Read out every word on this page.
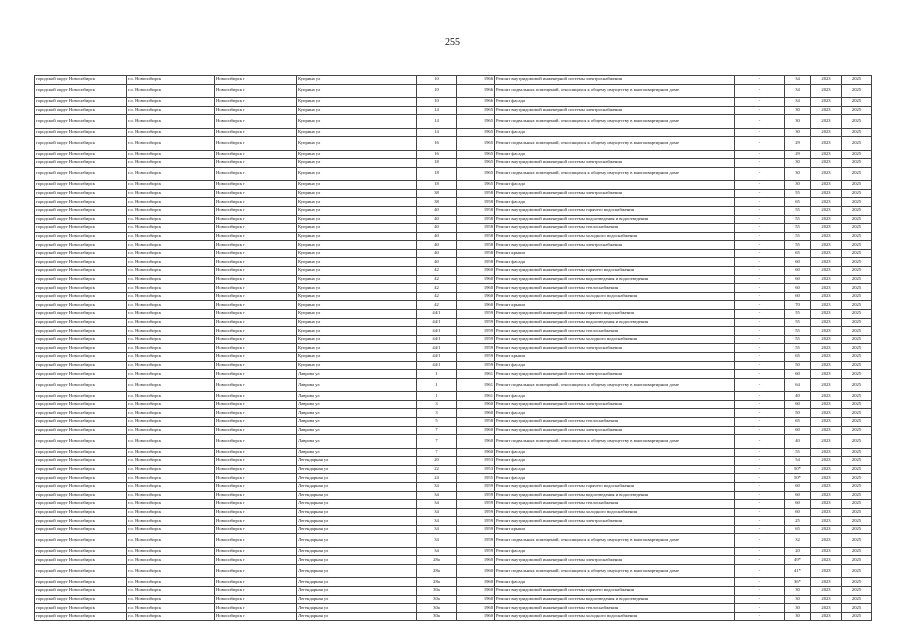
255
городской округ Новосибирск	г.о. Новосибирск	Новосибирск г	Куприна ул	10	1966	Ремонт внутридомовой инженерной системы электроснабжения	-	34	2023	2025
городской округ Новосибирск	г.о. Новосибирск	Новосибирск г	Куприна ул	10	1966	Ремонт подвальных помещений, относящихся к общему имуществу в многоквартирном доме	-	34	2023	2025
городской округ Новосибирск	г.о. Новосибирск	Новосибирск г	Куприна ул	10	1966	Ремонт фасада	-	34	2023	2025
городской округ Новосибирск	г.о. Новосибирск	Новосибирск г	Куприна ул	14	1965	Ремонт внутридомовой инженерной системы электроснабжения	-	30	2023	2025
городской округ Новосибирск	г.о. Новосибирск	Новосибирск г	Куприна ул	14	1965	Ремонт подвальных помещений, относящихся к общему имуществу в многоквартирном доме	-	30	2023	2025
городской округ Новосибирск	г.о. Новосибирск	Новосибирск г	Куприна ул	14	1965	Ремонт фасада	-	30	2023	2025
городской округ Новосибирск	г.о. Новосибирск	Новосибирск г	Куприна ул	16	1965	Ремонт подвальных помещений, относящихся к общему имуществу в многоквартирном доме	-	29	2023	2025
городской округ Новосибирск	г.о. Новосибирск	Новосибирск г	Куприна ул	16	1965	Ремонт фасада	-	29	2023	2025
городской округ Новосибирск	г.о. Новосибирск	Новосибирск г	Куприна ул	18	1965	Ремонт внутридомовой инженерной системы электроснабжения	-	30	2023	2025
городской округ Новосибирск	г.о. Новосибирск	Новосибирск г	Куприна ул	18	1965	Ремонт подвальных помещений, относящихся к общему имуществу в многоквартирном доме	-	30	2023	2025
городской округ Новосибирск	г.о. Новосибирск	Новосибирск г	Куприна ул	18	1965	Ремонт фасада	-	30	2023	2025
городской округ Новосибирск	г.о. Новосибирск	Новосибирск г	Куприна ул	38	1958	Ремонт внутридомовой инженерной системы электроснабжения	-	55	2023	2025
городской округ Новосибирск	г.о. Новосибирск	Новосибирск г	Куприна ул	38	1958	Ремонт фасада	-	65	2023	2025
городской округ Новосибирск	г.о. Новосибирск	Новосибирск г	Куприна ул	40	1958	Ремонт внутридомовой инженерной системы горячего водоснабжения	-	55	2023	2025
городской округ Новосибирск	г.о. Новосибирск	Новосибирск г	Куприна ул	40	1958	Ремонт внутридомовой инженерной системы водоотведения и водоотведения	-	55	2023	2025
городской округ Новосибирск	г.о. Новосибирск	Новосибирск г	Куприна ул	40	1958	Ремонт внутридомовой инженерной системы теплоснабжения	-	55	2023	2025
городской округ Новосибирск	г.о. Новосибирск	Новосибирск г	Куприна ул	40	1958	Ремонт внутридомовой инженерной системы холодного водоснабжения	-	55	2023	2025
городской округ Новосибирск	г.о. Новосибирск	Новосибирск г	Куприна ул	40	1958	Ремонт внутридомовой инженерной системы электроснабжения	-	55	2023	2025
городской округ Новосибирск	г.о. Новосибирск	Новосибирск г	Куприна ул	40	1958	Ремонт крыши	-	65	2023	2025
городской округ Новосибирск	г.о. Новосибирск	Новосибирск г	Куприна ул	40	1958	Ремонт фасада	-	60	2023	2025
городской округ Новосибирск	г.о. Новосибирск	Новосибирск г	Куприна ул	42	1960	Ремонт внутридомовой инженерной системы горячего водоснабжения	-	60	2023	2025
городской округ Новосибирск	г.о. Новосибирск	Новосибирск г	Куприна ул	42	1960	Ремонт внутридомовой инженерной системы водоотведения и водоотведения	-	60	2023	2025
городской округ Новосибирск	г.о. Новосибирск	Новосибирск г	Куприна ул	42	1960	Ремонт внутридомовой инженерной системы теплоснабжения	-	60	2023	2025
городской округ Новосибирск	г.о. Новосибирск	Новосибирск г	Куприна ул	42	1960	Ремонт внутридомовой инженерной системы холодного водоснабжения	-	60	2023	2025
городской округ Новосибирск	г.о. Новосибирск	Новосибирск г	Куприна ул	42	1960	Ремонт крыши	-	70	2023	2025
городской округ Новосибирск	г.о. Новосибирск	Новосибирск г	Куприна ул	44/1	1959	Ремонт внутридомовой инженерной системы горячего водоснабжения	-	55	2023	2025
городской округ Новосибирск	г.о. Новосибирск	Новосибирск г	Куприна ул	44/1	1959	Ремонт внутридомовой инженерной системы водоотведения и водоотведения	-	55	2023	2025
городской округ Новосибирск	г.о. Новосибирск	Новосибирск г	Куприна ул	44/1	1959	Ремонт внутридомовой инженерной системы теплоснабжения	-	55	2023	2025
городской округ Новосибирск	г.о. Новосибирск	Новосибирск г	Куприна ул	44/1	1959	Ремонт внутридомовой инженерной системы холодного водоснабжения	-	55	2023	2025
городской округ Новосибирск	г.о. Новосибирск	Новосибирск г	Куприна ул	44/1	1959	Ремонт внутридомовой инженерной системы электроснабжения	-	55	2023	2025
городской округ Новосибирск	г.о. Новосибирск	Новосибирск г	Куприна ул	44/1	1959	Ремонт крыши	-	65	2023	2025
городской округ Новосибирск	г.о. Новосибирск	Новосибирск г	Куприна ул	44/1	1959	Ремонт фасада	-	50	2023	2025
городской округ Новосибирск	г.о. Новосибирск	Новосибирск г	Лаврова ул	1	1961	Ремонт внутридомовой инженерной системы электроснабжения	-	60	2023	2025
городской округ Новосибирск	г.о. Новосибирск	Новосибирск г	Лаврова ул	1	1961	Ремонт подвальных помещений, относящихся к общему имуществу в многоквартирном доме	-	64	2023	2025
городской округ Новосибирск	г.о. Новосибирск	Новосибирск г	Лаврова ул	1	1961	Ремонт фасада	-	40	2023	2025
городской округ Новосибирск	г.о. Новосибирск	Новосибирск г	Лаврова ул	3	1960	Ремонт внутридомовой инженерной системы электроснабжения	-	60	2023	2025
городской округ Новосибирск	г.о. Новосибирск	Новосибирск г	Лаврова ул	3	1960	Ремонт фасада	-	50	2023	2025
городской округ Новосибирск	г.о. Новосибирск	Новосибирск г	Лаврова ул	5	1958	Ремонт внутридомовой инженерной системы теплоснабжения	-	65	2023	2025
городской округ Новосибирск	г.о. Новосибирск	Новосибирск г	Лаврова ул	7	1960	Ремонт внутридомовой инженерной системы электроснабжения	-	60	2023	2025
городской округ Новосибирск	г.о. Новосибирск	Новосибирск г	Лаврова ул	7	1960	Ремонт подвальных помещений, относящихся к общему имуществу в многоквартирном доме	-	40	2023	2025
городской округ Новосибирск	г.о. Новосибирск	Новосибирск г	Лаврова ул	7	1960	Ремонт фасада	-	55	2023	2025
городской округ Новосибирск	г.о. Новосибирск	Новосибирск г	Легендарная ул	20	1953	Ремонт фасада	-	54	2023	2025
городской округ Новосибирск	г.о. Новосибирск	Новосибирск г	Легендарная ул	22	1953	Ремонт фасада	-	50*	2023	2025
городской округ Новосибирск	г.о. Новосибирск	Новосибирск г	Легендарная ул	24	1955	Ремонт фасада	-	50*	2023	2025
городской округ Новосибирск	г.о. Новосибирск	Новосибирск г	Легендарная ул	34	1959	Ремонт внутридомовой инженерной системы горячего водоснабжения	-	60	2023	2025
городской округ Новосибирск	г.о. Новосибирск	Новосибирск г	Легендарная ул	34	1959	Ремонт внутридомовой инженерной системы водоотведения и водоотведения	-	60	2023	2025
городской округ Новосибирск	г.о. Новосибирск	Новосибирск г	Легендарная ул	34	1959	Ремонт внутридомовой инженерной системы теплоснабжения	-	60	2023	2025
городской округ Новосибирск	г.о. Новосибирск	Новосибирск г	Легендарная ул	34	1959	Ремонт внутридомовой инженерной системы холодного водоснабжения	-	60	2023	2025
городской округ Новосибирск	г.о. Новосибирск	Новосибирск г	Легендарная ул	34	1959	Ремонт внутридомовой инженерной системы электроснабжения	-	25	2023	2025
городской округ Новосибирск	г.о. Новосибирск	Новосибирск г	Легендарная ул	34	1959	Ремонт крыши	-	65	2023	2025
городской округ Новосибирск	г.о. Новосибирск	Новосибирск г	Легендарная ул	34	1959	Ремонт подвальных помещений, относящихся к общему имуществу в многоквартирном доме	-	32	2023	2025
городской округ Новосибирск	г.о. Новосибирск	Новосибирск г	Легендарная ул	34	1959	Ремонт фасада	-	20	2023	2025
городской округ Новосибирск	г.о. Новосибирск	Новосибирск г	Легендарная ул	28а	1960	Ремонт внутридомовой инженерной системы электроснабжения	-	49*	2023	2025
городской округ Новосибирск	г.о. Новосибирск	Новосибирск г	Легендарная ул	28а	1960	Ремонт подвальных помещений, относящихся к общему имуществу в многоквартирном доме	-	41*	2023	2025
городской округ Новосибирск	г.о. Новосибирск	Новосибирск г	Легендарная ул	28а	1960	Ремонт фасада	-	36*	2023	2025
городской округ Новосибирск	г.о. Новосибирск	Новосибирск г	Легендарная ул	30а	1960	Ремонт внутридомовой инженерной системы горячего водоснабжения	-	30	2023	2025
городской округ Новосибирск	г.о. Новосибирск	Новосибирск г	Легендарная ул	30а	1960	Ремонт внутридомовой инженерной системы водоотведения и водоотведения	-	30	2023	2025
городской округ Новосибирск	г.о. Новосибирск	Новосибирск г	Легендарная ул	30а	1960	Ремонт внутридомовой инженерной системы теплоснабжения	-	30	2023	2025
городской округ Новосибирск	г.о. Новосибирск	Новосибирск г	Легендарная ул	30а	1960	Ремонт внутридомовой инженерной системы холодного водоснабжения	-	30	2023	2025
